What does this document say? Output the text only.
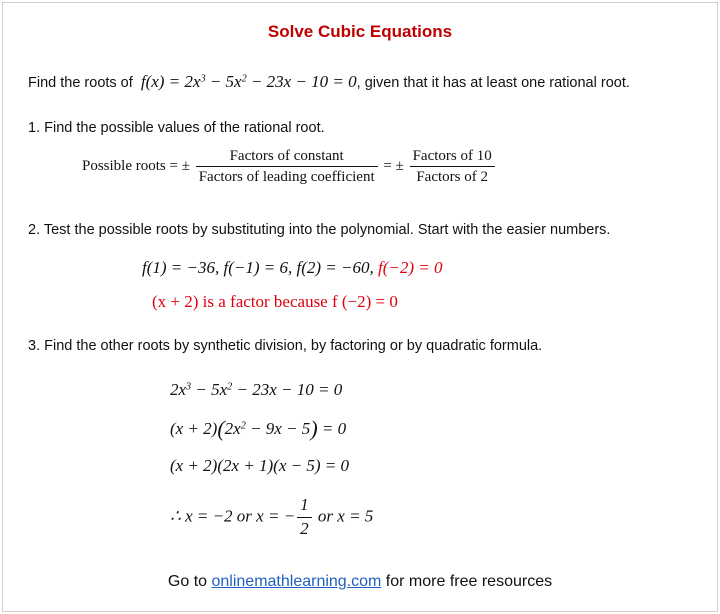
Solve Cubic Equations
Find the roots of $f(x) = 2x^3 - 5x^2 - 23x - 10 = 0$, given that it has at least one rational root.
1. Find the possible values of the rational root.
Possible roots = ± $\frac{\text{Factors of constant}}{\text{Factors of leading coefficient}}$ = ± $\frac{\text{Factors of 10}}{\text{Factors of 2}}$
2. Test the possible roots by substituting into the polynomial. Start with the easier numbers.
f(1) = −36, f(−1) = 6, f(2) = −60, f(−2) = 0
(x + 2) is a factor because f (−2) = 0
3. Find the other roots by synthetic division, by factoring or by quadratic formula.
$2x^3 - 5x^2 - 23x - 10 = 0$
$(x + 2)(2x^2 - 9x - 5) = 0$
(x + 2)(2x + 1)(x − 5) = 0
∴ x = −2 or x = − $\frac{1}{2}$ or x = 5
Go to onlinemathlearning.com for more free resources
